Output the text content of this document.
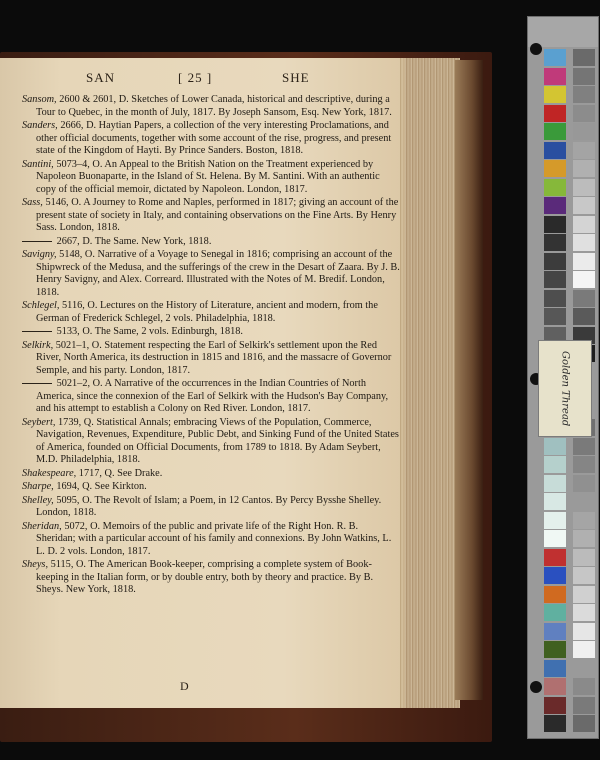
SAN	[ 25 ]	SHE
Sansom, 2600 & 2601, D. Sketches of Lower Canada, historical and descriptive, during a Tour to Quebec, in the month of July, 1817. By Joseph Sansom, Esq. New York, 1817.
Sanders, 2666, D. Haytian Papers, a collection of the very interesting Proclamations, and other official documents, together with some account of the rise, progress, and present state of the Kingdom of Hayti. By Prince Sanders. Boston, 1818.
Santini, 5073–4, O. An Appeal to the British Nation on the Treatment experienced by Napoleon Buonaparte, in the Island of St. Helena. By M. Santini. With an authentic copy of the official memoir, dictated by Napoleon. London, 1817.
Sass, 5146, O. A Journey to Rome and Naples, performed in 1817; giving an account of the present state of society in Italy, and containing observations on the Fine Arts. By Henry Sass. London, 1818.
2667, D. The Same. New York, 1818.
Savigny, 5148, O. Narrative of a Voyage to Senegal in 1816; comprising an account of the Shipwreck of the Medusa, and the sufferings of the crew in the Desart of Zaara. By J. B. Henry Savigny, and Alex. Correard. Illustrated with the Notes of M. Bredif. London, 1818.
Schlegel, 5116, O. Lectures on the History of Literature, ancient and modern, from the German of Frederick Schlegel, 2 vols. Philadelphia, 1818.
5133, O. The Same, 2 vols. Edinburgh, 1818.
Selkirk, 5021–1, O. Statement respecting the Earl of Selkirk's settlement upon the Red River, North America, its destruction in 1815 and 1816, and the massacre of Governor Semple, and his party. London, 1817.
5021–2, O. A Narrative of the occurrences in the Indian Countries of North America, since the connexion of the Earl of Selkirk with the Hudson's Bay Company, and his attempt to establish a Colony on Red River. London, 1817.
Seybert, 1739, Q. Statistical Annals; embracing Views of the Population, Commerce, Navigation, Revenues, Expenditure, Public Debt, and Sinking Fund of the United States of America, founded on Official Documents, from 1789 to 1818. By Adam Seybert, M.D. Philadelphia, 1818.
Shakespeare, 1717, Q. See Drake.
Sharpe, 1694, Q. See Kirkton.
Shelley, 5095, O. The Revolt of Islam; a Poem, in 12 Cantos. By Percy Bysshe Shelley. London, 1818.
Sheridan, 5072, O. Memoirs of the public and private life of the Right Hon. R. B. Sheridan; with a particular account of his family and connexions. By John Watkins, L. L. D. 2 vols. London, 1817.
Sheys, 5115, O. The American Book-keeper, comprising a complete system of Book-keeping in the Italian form, or by double entry, both by theory and practice. By B. Sheys. New York, 1818.
D
Golden Thread
